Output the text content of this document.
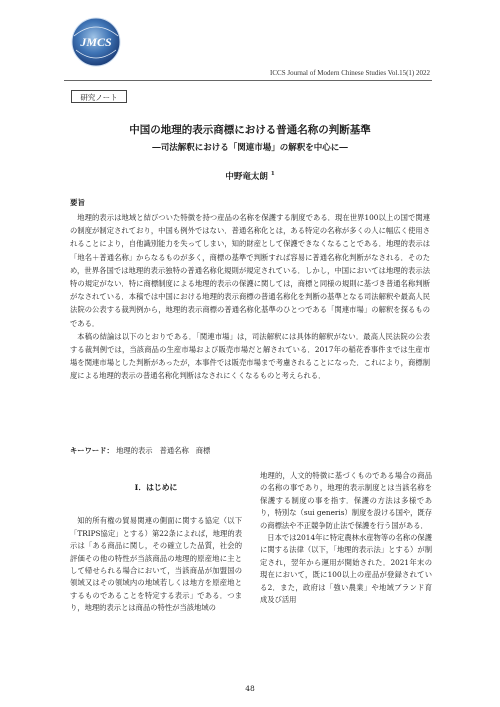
JMCS
ICCS Journal of Modern Chinese Studies Vol.15(1) 2022
研究ノート
中国の地理的表示商標における普通名称の判断基準
―司法解釈における「関連市場」の解釈を中心に―
中野竜太朗 $^1$
要旨

地理的表示は地域と結びついた特徴を持つ産品の名称を保護する制度である．現在世界100以上の国で関連の制度が制定されており，中国も例外ではない．普通名称化とは，ある特定の名称が多くの人に幅広く使用されることにより，自他識別能力を失ってしまい，知的財産として保護できなくなることである．地理的表示は「地名＋普通名称」からなるものが多く，商標の基準で判断すれば容易に普通名称化判断がなされる．そのため，世界各国では地理的表示独特の普通名称化規則が規定されている．しかし，中国においては地理的表示法特の規定がない．特に商標制度による地理的表示の保護に関しては，商標と同様の規則に基づき普通名称判断がなされている．本稿では中国における地理的表示商標の普通名称化を判断の基準となる司法解釈や最高人民法院の公表する裁判例から，地理的表示商標の普通名称化基準のひとつである「関連市場」の解釈を探るものである．

本稿の結論は以下のとおりである．「関連市場」は，司法解釈には具体的解釈がない．最高人民法院の公表する裁判例では，当該商品の生産市場および販売市場だと解されている．2017年の稲花香事件までは生産市場を関連市場とした判断があったが，本事件では販売市場まで考慮されることになった．これにより，商標制度による地理的表示の普通名称化判断はなされにくくなるものと考えられる．

キーワード： 地理的表示 普通名称 商標
I．はじめに

知的所有権の貿易関連の側面に関する協定（以下「TRIPS協定」とする）第22条によれば，地理的表示は「ある商品に関し，その確立した品質，社会的評価その他の特性が当該商品の地理的原産地に主として帰せられる場合において，当該商品が加盟国の領域又はその領域内の地域若しくは地方を原産地とするものであることを特定する表示」である．つまり，地理的表示とは商品の特性が当該地域の

地理的，人文的特徴に基づくものである場合の商品の名称の事であり，地理的表示制度とは当該名称を保護する制度の事を指す．保護の方法は多様であり，特別な（sui generis）制度を設ける国や，既存の商標法や不正競争防止法で保護を行う国がある．

日本では2014年に特定農林水産物等の名称の保護に関する法律（以下，「地理的表示法」とする）が制定され，翌年から運用が開始された．2021年末の現在において，既に100以上の産品が登録されている2．また，政府は「強い農業」や地域ブランド育成及び活用

48
